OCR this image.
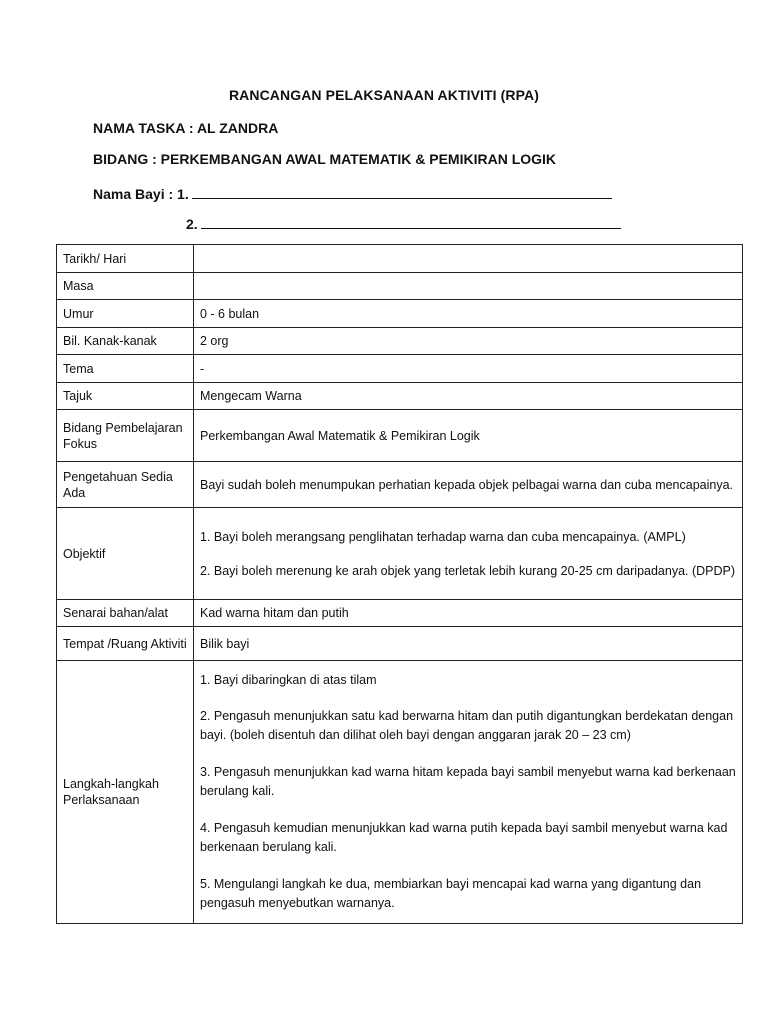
RANCANGAN PELAKSANAAN AKTIVITI (RPA)
NAMA TASKA : AL ZANDRA
BIDANG : PERKEMBANGAN AWAL MATEMATIK & PEMIKIRAN LOGIK
Nama Bayi : 1.
2.
Tarikh/ Hari	
Masa	
Umur	0 - 6 bulan
Bil. Kanak-kanak	2 org
Tema	-
Tajuk	Mengecam Warna
Bidang Pembelajaran Fokus	Perkembangan Awal Matematik & Pemikiran Logik
Pengetahuan Sedia Ada	Bayi sudah boleh menumpukan perhatian kepada objek pelbagai warna dan cuba mencapainya.
Objektif	1. Bayi boleh merangsang penglihatan terhadap warna dan cuba mencapainya. (AMPL)

2. Bayi boleh merenung ke arah objek yang terletak lebih kurang 20-25 cm daripadanya. (DPDP)

Senarai bahan/alat	Kad warna hitam dan putih
Tempat /Ruang Aktiviti	Bilik bayi
Langkah-langkah Perlaksanaan	1. Bayi dibaringkan di atas tilam

2. Pengasuh menunjukkan satu kad berwarna hitam dan putih digantungkan berdekatan dengan bayi. (boleh disentuh dan dilihat oleh bayi dengan anggaran jarak 20 – 23 cm)

3. Pengasuh menunjukkan kad warna hitam kepada bayi sambil menyebut warna kad berkenaan berulang kali.

4. Pengasuh kemudian menunjukkan kad warna putih kepada bayi sambil menyebut warna kad berkenaan berulang kali.

5. Mengulangi langkah ke dua, membiarkan bayi mencapai kad warna yang digantung dan pengasuh menyebutkan warnanya.
